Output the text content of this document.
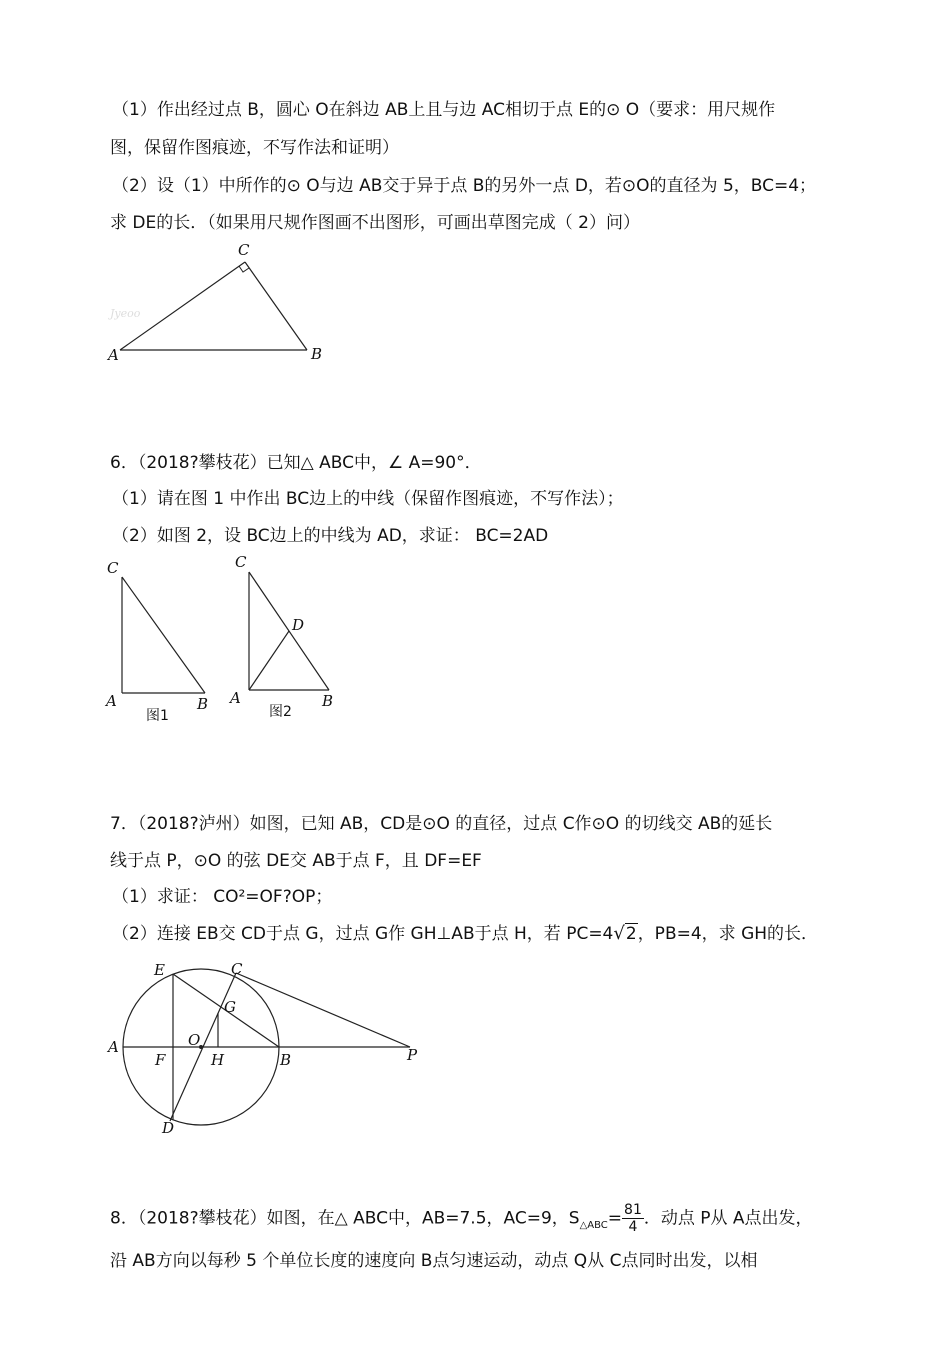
（1）作出经过点 B，圆心 O在斜边 AB上且与边 AC相切于点 E的⊙ O（要求：用尺规作
图，保留作图痕迹，不写作法和证明）
（2）设（1）中所作的⊙ O与边 AB交于异于点 B的另外一点 D，若⊙O的直径为 5，BC=4；
求 DE的长．（如果用尺规作图画不出图形，可画出草图完成（ 2）问）
Jyeoo
C
A	B
6．（2018?攀枝花）已知△ ABC中，∠ A=90°．
（1）请在图 1 中作出 BC边上的中线（保留作图痕迹，不写作法）；
（2）如图 2，设 BC边上的中线为 AD，求证： BC=2AD
C
A	B
图1
C
D
A	B
图2
7．（2018?泸州）如图，已知 AB，CD是⊙O 的直径，过点 C作⊙O 的切线交 AB的延长
线于点 P，⊙O 的弦 DE交 AB于点 F，且 DF=EF
（1）求证： CO²=OF?OP；
（2）连接 EB交 CD于点 G，过点 G作 GH⊥AB于点 H，若 PC=4√2，PB=4，求 GH的长．
E	C
G
O
A
F	H	B	P
D
8．（2018?攀枝花）如图，在△ ABC中，AB=7.5，AC=9，$S_{\triangle ABC}= \frac{81}{4}$ ．动点 P从 A点出发，
沿 AB方向以每秒 5 个单位长度的速度向 B点匀速运动，动点 Q从 C点同时出发，以相
